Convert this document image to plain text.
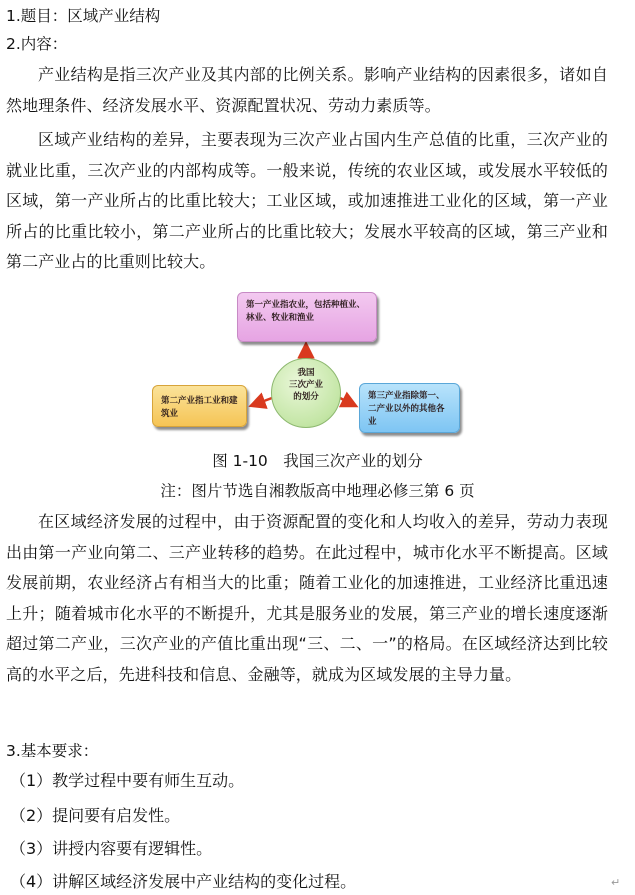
1.题目：区域产业结构
2.内容：
产业结构是指三次产业及其内部的比例关系。影响产业结构的因素很多，诸如自然地理条件、经济发展水平、资源配置状况、劳动力素质等。
区域产业结构的差异，主要表现为三次产业占国内生产总值的比重，三次产业的就业比重，三次产业的内部构成等。一般来说，传统的农业区域，或发展水平较低的区域，第一产业所占的比重比较大；工业区域，或加速推进工业化的区域，第一产业所占的比重比较小，第二产业所占的比重比较大；发展水平较高的区域，第三产业和第二产业占的比重则比较大。
第一产业指农业，包括种植业、林业、牧业和渔业
第二产业指工业和建筑业
第三产业指除第一、二产业以外的其他各业
我国
三次产业
的划分
图 1-10　我国三次产业的划分
注：图片节选自湘教版高中地理必修三第 6 页
在区域经济发展的过程中，由于资源配置的变化和人均收入的差异，劳动力表现出由第一产业向第二、三产业转移的趋势。在此过程中，城市化水平不断提高。区域发展前期，农业经济占有相当大的比重；随着工业化的加速推进，工业经济比重迅速上升；随着城市化水平的不断提升，尤其是服务业的发展，第三产业的增长速度逐渐超过第二产业，三次产业的产值比重出现“三、二、一”的格局。在区域经济达到比较高的水平之后，先进科技和信息、金融等，就成为区域发展的主导力量。
3.基本要求：
（1）教学过程中要有师生互动。
（2）提问要有启发性。
（3）讲授内容要有逻辑性。
（4）讲解区域经济发展中产业结构的变化过程。	↵
